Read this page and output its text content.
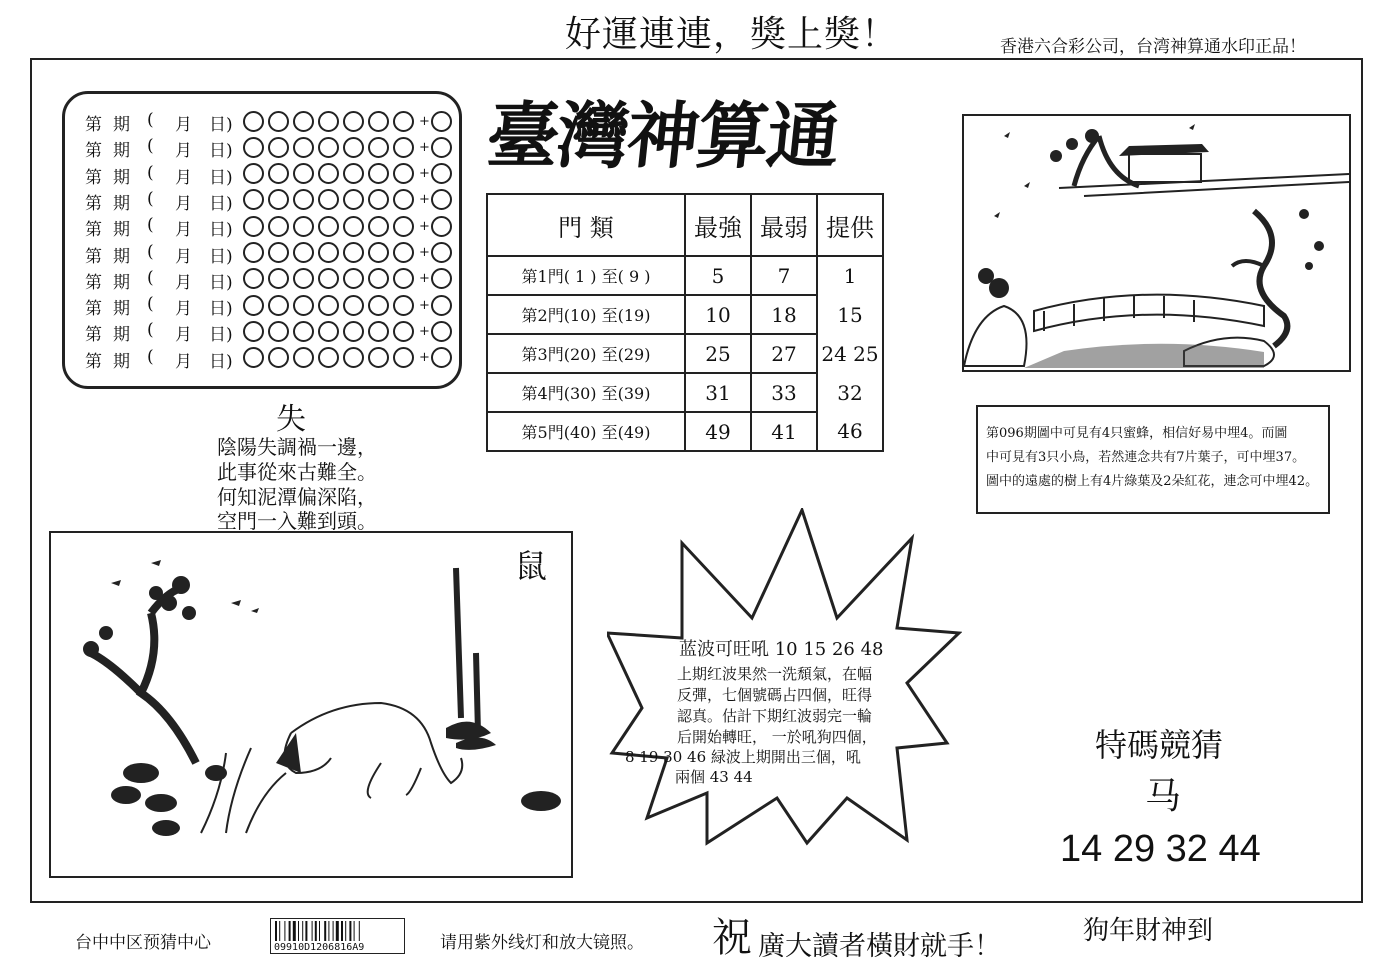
好運連連，獎上獎！	香港六合彩公司，台湾神算通水印正品！
第 期 ( 月 日)	+
第 期 ( 月 日)	+
第 期 ( 月 日)	+
第 期 ( 月 日)	+
第 期 ( 月 日)	+
第 期 ( 月 日)	+
第 期 ( 月 日)	+
第 期 ( 月 日)	+
第 期 ( 月 日)	+
第 期 ( 月 日)	+
臺灣神算通
門 類	最強	最弱	提供
第1門( 1 ) 至( 9 )	5	7	1
第2門(10) 至(19)	10	18	15
第3門(20) 至(29)	25	27	24 25
第4門(30) 至(39)	31	33	32
第5門(40) 至(49)	49	41	46
失
陰陽失調禍一邊，
此事從來古難全。
何知泥潭偏深陷，
空門一入難到頭。
第096期圖中可見有4只蜜蜂，相信好易中埋4。而圖
中可見有3只小鳥，若然連念共有7片葉子，可中埋37。
圖中的遠處的樹上有4片綠葉及2朵紅花，連念可中埋42。
鼠
蓝波可旺吼 10 15 26 48
上期红波果然一洗頹氣，在幅
反彈，七個號碼占四個，旺得
認真。估計下期红波弱完一輪
后開始轉旺， 一於吼狗四個，
8 19 30 46 緑波上期開出三個，吼
兩個 43 44
特碼競猜
马
14 29 32 44
台中中区预猜中心	09910D1206816A9	请用紫外线灯和放大镜照。 祝 廣大讀者橫財就手！	狗年財神到
